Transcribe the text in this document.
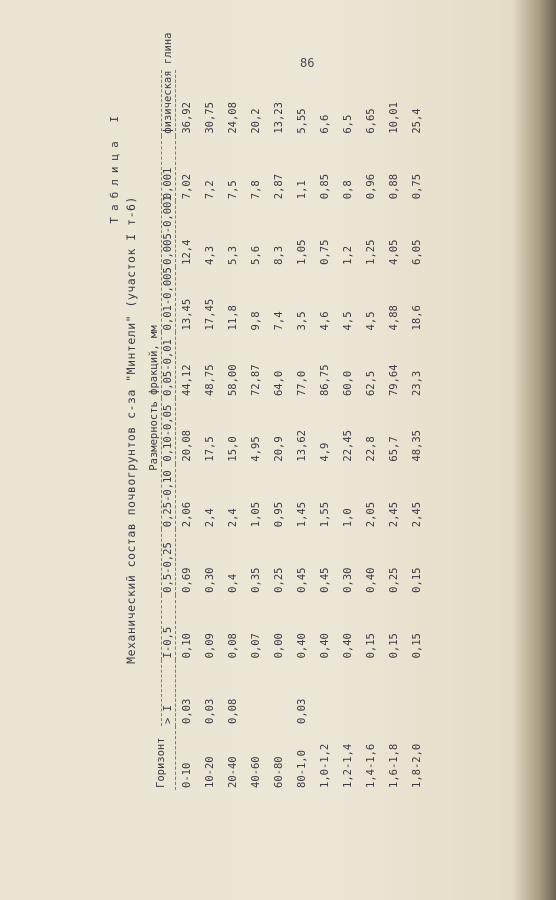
86
Таблица I
Механический состав почвогрунтов с-за "Минтели" (участок I т-6)
Горизонт	Размерность фракций, мм									
	> I	I-0,5	0,5-0,25	0,25-0,10	0,10-0,05	0,05-0,01	0,01-0,005	0,005-0,001	0,001	физическая глина
0-10	0,03	0,10	0,69	2,06	20,08	44,12	13,45	12,4	7,02	36,92
10-20	0,03	0,09	0,30	2,4	17,5	48,75	17,45	4,3	7,2	30,75
20-40	0,08	0,08	0,4	2,4	15,0	58,00	11,8	5,3	7,5	24,08
40-60		0,07	0,35	1,05	4,95	72,87	9,8	5,6	7,8	20,2
60-80		0,00	0,25	0,95	20,9	64,0	7,4	8,3	2,87	13,23
80-1,0	0,03	0,40	0,45	1,45	13,62	77,0	3,5	1,05	1,1	5,55
1,0-1,2		0,40	0,45	1,55	4,9	86,75	4,6	0,75	0,85	6,6
1,2-1,4		0,40	0,30	1,0	22,45	60,0	4,5	1,2	0,8	6,5
1,4-1,6		0,15	0,40	2,05	22,8	62,5	4,5	1,25	0,96	6,65
1,6-1,8		0,15	0,25	2,45	65,7	79,64	4,88	4,05	0,88	10,01
1,8-2,0		0,15	0,15	2,45	48,35	23,3	18,6	6,05	0,75	25,4
